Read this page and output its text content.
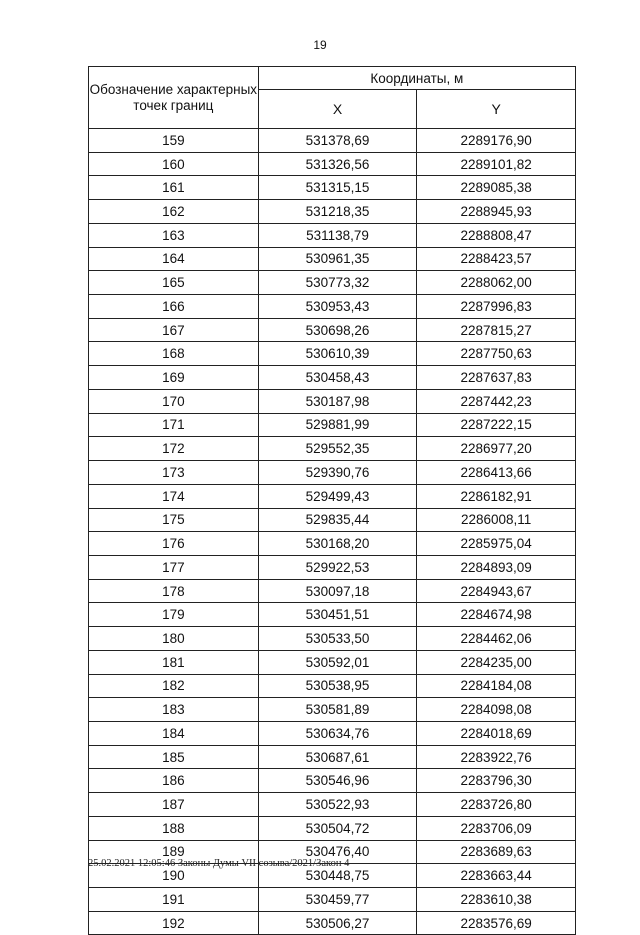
19
Обозначение характерных точек границ	Координаты, м	
	X	Y
159	531378,69	2289176,90
160	531326,56	2289101,82
161	531315,15	2289085,38
162	531218,35	2288945,93
163	531138,79	2288808,47
164	530961,35	2288423,57
165	530773,32	2288062,00
166	530953,43	2287996,83
167	530698,26	2287815,27
168	530610,39	2287750,63
169	530458,43	2287637,83
170	530187,98	2287442,23
171	529881,99	2287222,15
172	529552,35	2286977,20
173	529390,76	2286413,66
174	529499,43	2286182,91
175	529835,44	2286008,11
176	530168,20	2285975,04
177	529922,53	2284893,09
178	530097,18	2284943,67
179	530451,51	2284674,98
180	530533,50	2284462,06
181	530592,01	2284235,00
182	530538,95	2284184,08
183	530581,89	2284098,08
184	530634,76	2284018,69
185	530687,61	2283922,76
186	530546,96	2283796,30
187	530522,93	2283726,80
188	530504,72	2283706,09
189	530476,40	2283689,63
190	530448,75	2283663,44
191	530459,77	2283610,38
192	530506,27	2283576,69
25.02.2021 12:05:46 Законы Думы VII созыва/2021/Закон 4
